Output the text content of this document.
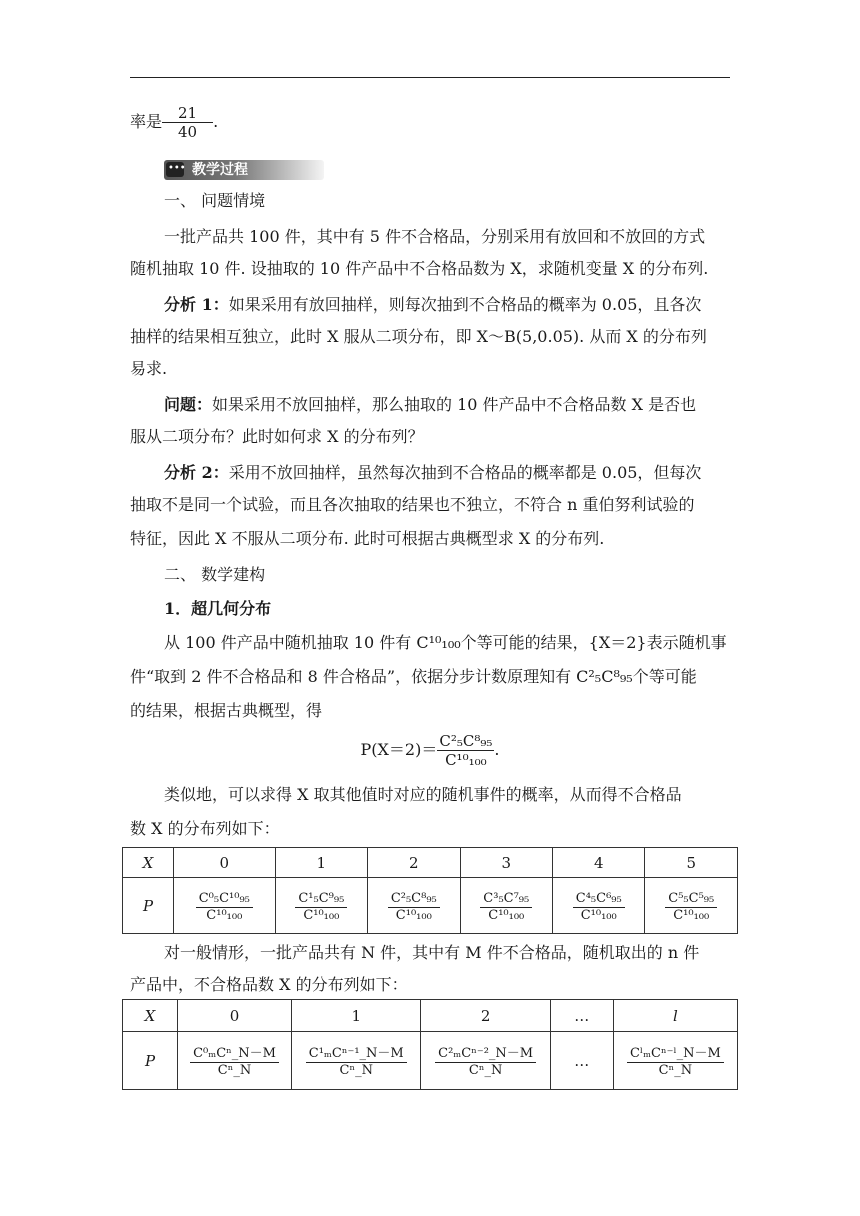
率是 $\frac{21}{40}$ .
•••
教学过程
一、 问题情境
一批产品共 100 件，其中有 5 件不合格品，分别采用有放回和不放回的方式
随机抽取 10 件. 设抽取的 10 件产品中不合格品数为 X，求随机变量 X 的分布列.
分析 1：如果采用有放回抽样，则每次抽到不合格品的概率为 0.05，且各次
抽样的结果相互独立，此时 X 服从二项分布，即 X～B(5,0.05). 从而 X 的分布列
易求.
问题：如果采用不放回抽样，那么抽取的 10 件产品中不合格品数 X 是否也
服从二项分布？此时如何求 X 的分布列？
分析 2：采用不放回抽样，虽然每次抽到不合格品的概率都是 0.05，但每次
抽取不是同一个试验，而且各次抽取的结果也不独立，不符合 n 重伯努利试验的
特征，因此 X 不服从二项分布. 此时可根据古典概型求 X 的分布列.
二、 数学建构
1．超几何分布
从 100 件产品中随机抽取 10 件有 C¹⁰₁₀₀个等可能的结果，{X＝2}表示随机事
件“取到 2 件不合格品和 8 件合格品”，依据分步计数原理知有 C²₅C⁸₉₅个等可能
的结果，根据古典概型，得
$P(X=2)= \frac{\text{C²₅C⁸₉₅}}{\text{C¹⁰₁₀₀}}$ .
类似地，可以求得 X 取其他值时对应的随机事件的概率，从而得不合格品
数 X 的分布列如下：
X	0	1	2	3	4	5
P	$\frac{\text{C⁰₅C¹⁰₉₅}}{\text{C¹⁰₁₀₀}}$	$\frac{\text{C¹₅C⁹₉₅}}{\text{C¹⁰₁₀₀}}$	$\frac{\text{C²₅C⁸₉₅}}{\text{C¹⁰₁₀₀}}$	$\frac{\text{C³₅C⁷₉₅}}{\text{C¹⁰₁₀₀}}$	$\frac{\text{C⁴₅C⁶₉₅}}{\text{C¹⁰₁₀₀}}$	$\frac{\text{C⁵₅C⁵₉₅}}{\text{C¹⁰₁₀₀}}$
对一般情形，一批产品共有 N 件，其中有 M 件不合格品，随机取出的 n 件
产品中，不合格品数 X 的分布列如下：
X	0	1	2	…	l
P	$\frac{\text{C⁰ₘCⁿ\_N－M}}{\text{Cⁿ\_N}}$	$\frac{\text{C¹ₘCⁿ⁻¹\_N－M}}{\text{Cⁿ\_N}}$	$\frac{\text{C²ₘCⁿ⁻²\_N－M}}{\text{Cⁿ\_N}}$	…	$\frac{\text{CˡₘCⁿ⁻ˡ\_N－M}}{\text{Cⁿ\_N}}$
